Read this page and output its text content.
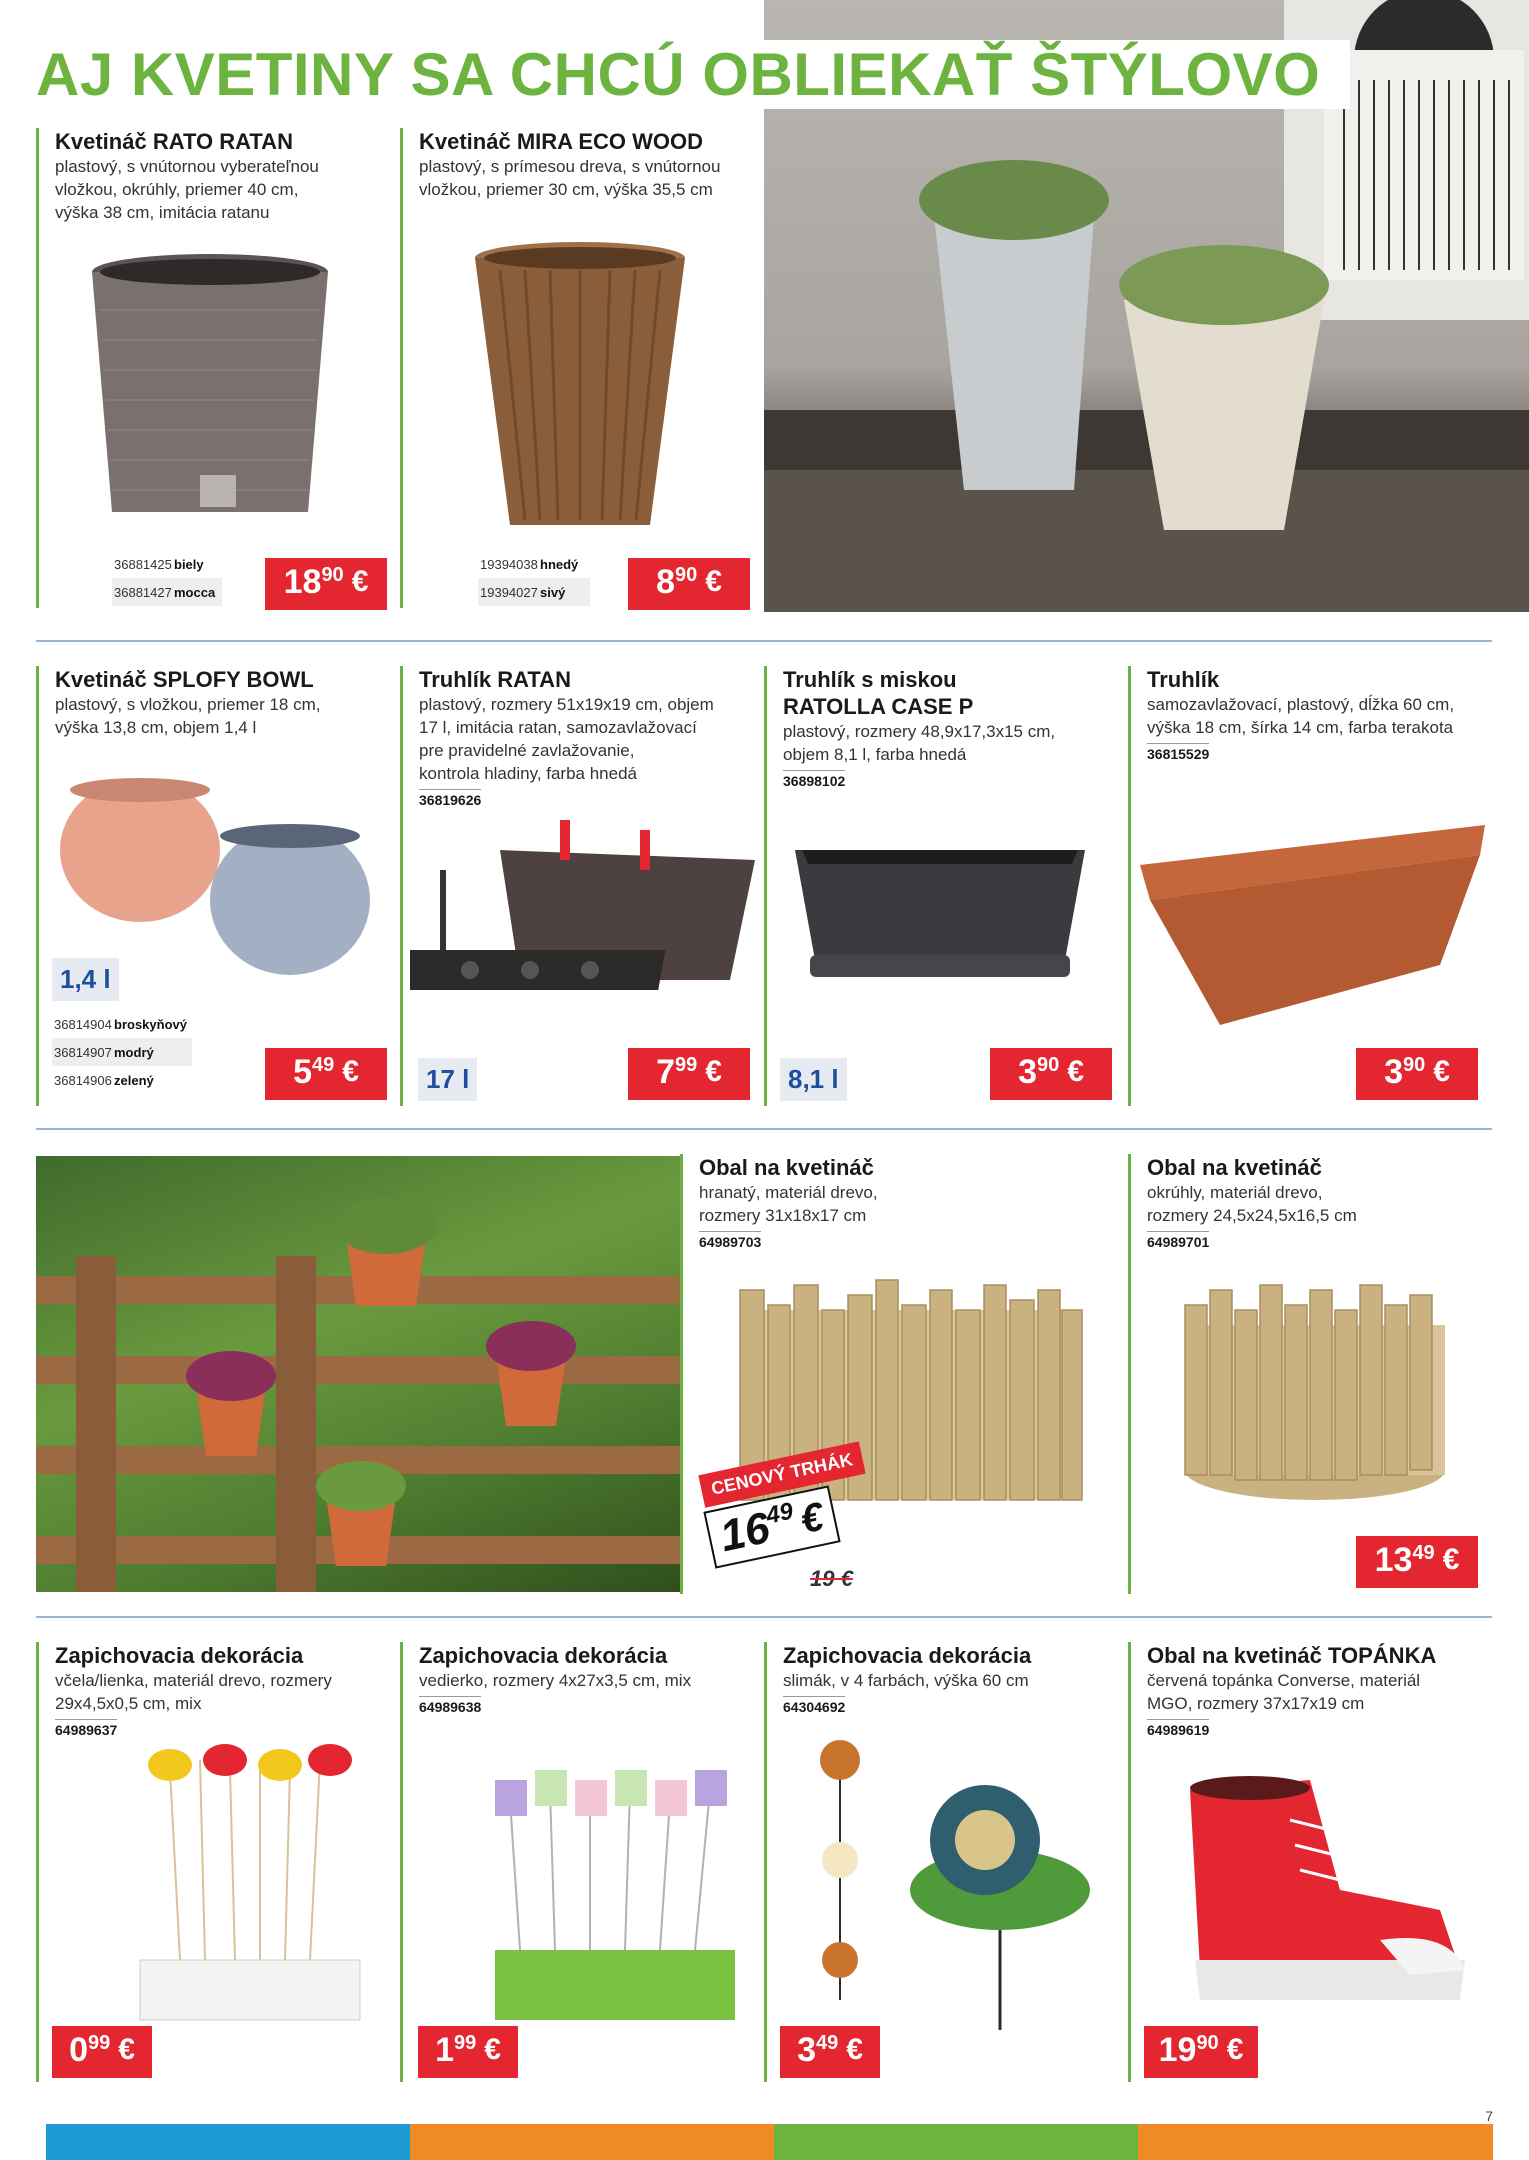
AJ KVETINY SA CHCÚ OBLIEKAŤ ŠTÝLOVO
Kvetináč RATO RATAN
plastový, s vnútornou vyberateľnou
vložkou, okrúhly, priemer 40 cm,
výška 38 cm, imitácia ratanu
36881425 biely
36881427 mocca 18 90 €
Kvetináč MIRA ECO WOOD
plastový, s prímesou dreva, s vnútornou
vložkou, priemer 30 cm, výška 35,5 cm
19394038 hnedý
19394027 sivý	8 90 €
Kvetináč SPLOFY BOWL
plastový, s vložkou, priemer 18 cm,
výška 13,8 cm, objem 1,4 l
1,4 l
36814904 broskyňový
36814907 modrý
36814906 zelený	5 49 €
Truhlík RATAN
plastový, rozmery 51x19x19 cm, objem
17 l, imitácia ratan, samozavlažovací
pre pravidelné zavlažovanie,
kontrola hladiny, farba hnedá
36819626
17 l	7 99 €
Truhlík s miskou
RATOLLA CASE P
plastový, rozmery 48,9x17,3x15 cm,
objem 8,1 l, farba hnedá
36898102
8,1 l	3 90 €
Truhlík
samozavlažovací, plastový, dĺžka 60 cm,
výška 18 cm, šírka 14 cm, farba terakota
36815529
3 90 €
Obal na kvetináč
hranatý, materiál drevo,
rozmery 31x18x17 cm
64989703
CENOVÝ TRHÁK
16
49 €
19 €
Obal na kvetináč
okrúhly, materiál drevo,
rozmery 24,5x24,5x16,5 cm
64989701
13 49 €
Zapichovacia dekorácia
včela/lienka, materiál drevo, rozmery
29x4,5x0,5 cm, mix
64989637
0 99 €
Zapichovacia dekorácia
vedierko, rozmery 4x27x3,5 cm, mix
64989638
1 99 €
Zapichovacia dekorácia
slimák, v 4 farbách, výška 60 cm
64304692
3 49 €
Obal na kvetináč TOPÁNKA
červená topánka Converse, materiál
MGO, rozmery 37x17x19 cm
64989619
19 90 €
7
